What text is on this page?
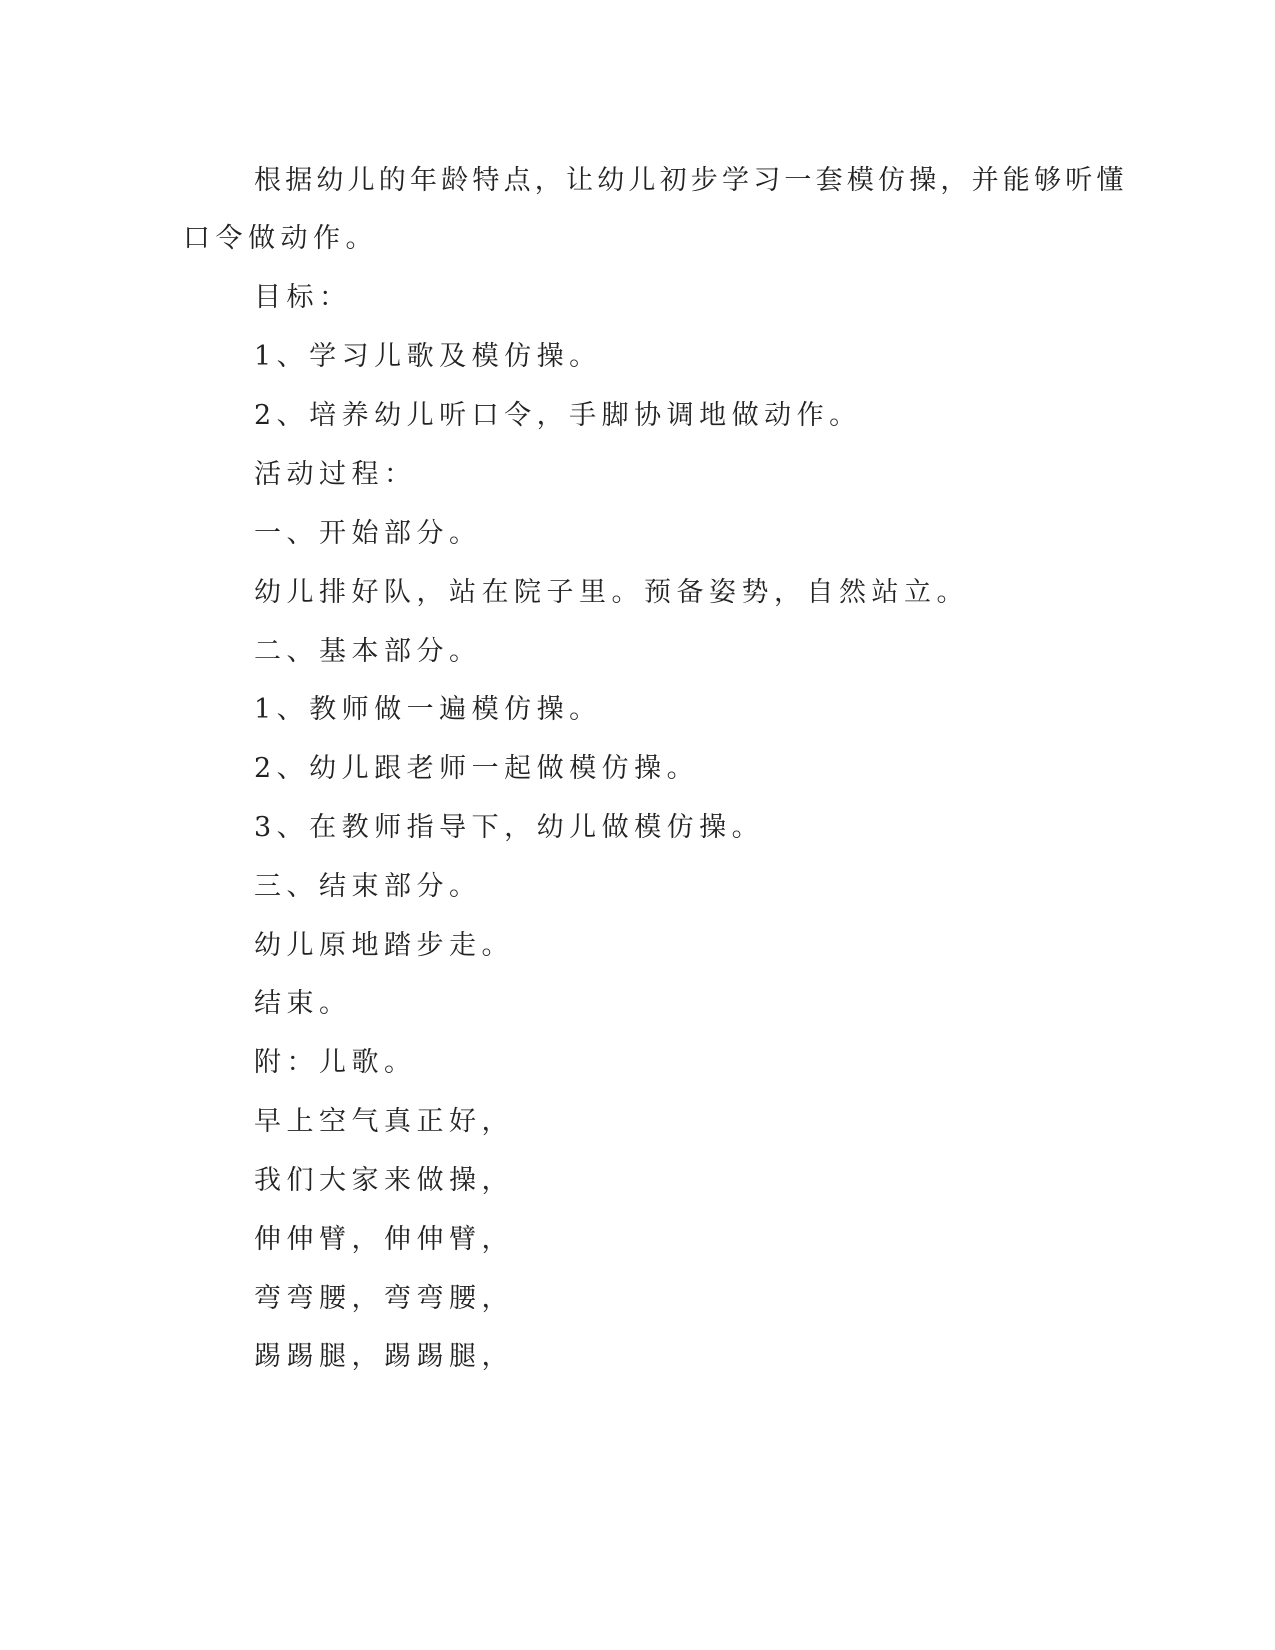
根据幼儿的年龄特点，让幼儿初步学习一套模仿操，并能够听懂

口令做动作。

目标：

1、学习儿歌及模仿操。

2、培养幼儿听口令，手脚协调地做动作。

活动过程：

一、开始部分。

幼儿排好队，站在院子里。预备姿势，自然站立。

二、基本部分。

1、教师做一遍模仿操。

2、幼儿跟老师一起做模仿操。

3、在教师指导下，幼儿做模仿操。

三、结束部分。

幼儿原地踏步走。

结束。

附：儿歌。

早上空气真正好，

我们大家来做操，

伸伸臂，伸伸臂，

弯弯腰，弯弯腰，

踢踢腿，踢踢腿，
